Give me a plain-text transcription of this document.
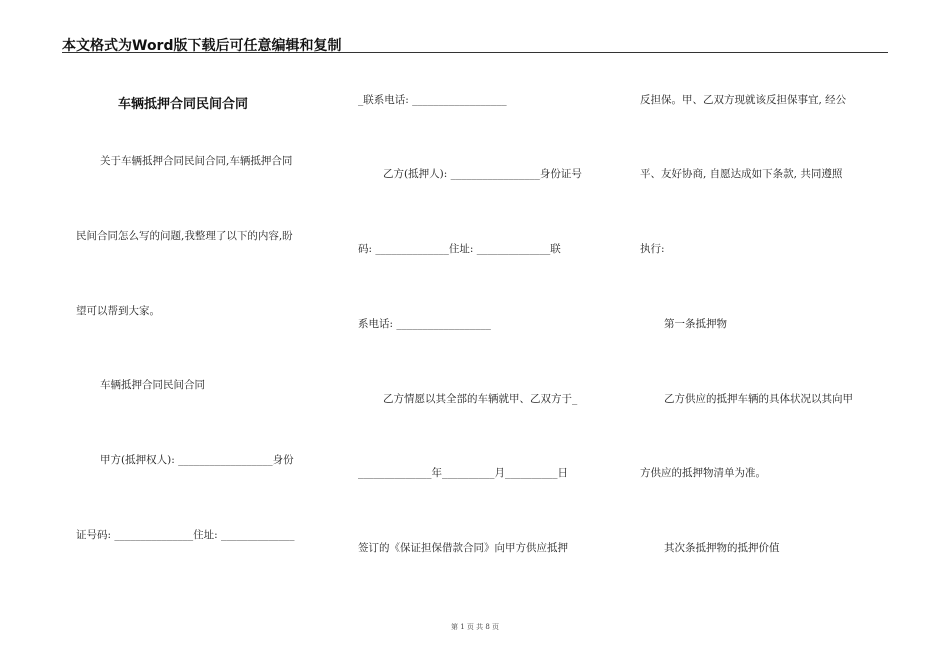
本文格式为Word版下载后可任意编辑和复制
车辆抵押合同民间合同
关于车辆抵押合同民间合同,车辆抵押合同
民间合同怎么写的问题,我整理了以下的内容,盼
望可以帮到大家。
车辆抵押合同民间合同
甲方(抵押权人): __________________身份
证号码: _______________住址: ______________
_联系电话: __________________
乙方(抵押人): _________________身份证号
码: ______________住址: ______________联
系电话: __________________
乙方情愿以其全部的车辆就甲、乙双方于_
______________年__________月__________日
签订的《保证担保借款合同》向甲方供应抵押
反担保。甲、乙双方现就该反担保事宜, 经公
平、友好协商, 自愿达成如下条款, 共同遵照
执行:
第一条抵押物
乙方供应的抵押车辆的具体状况以其向甲
方供应的抵押物清单为准。
其次条抵押物的抵押价值
第 1 页 共 8 页
